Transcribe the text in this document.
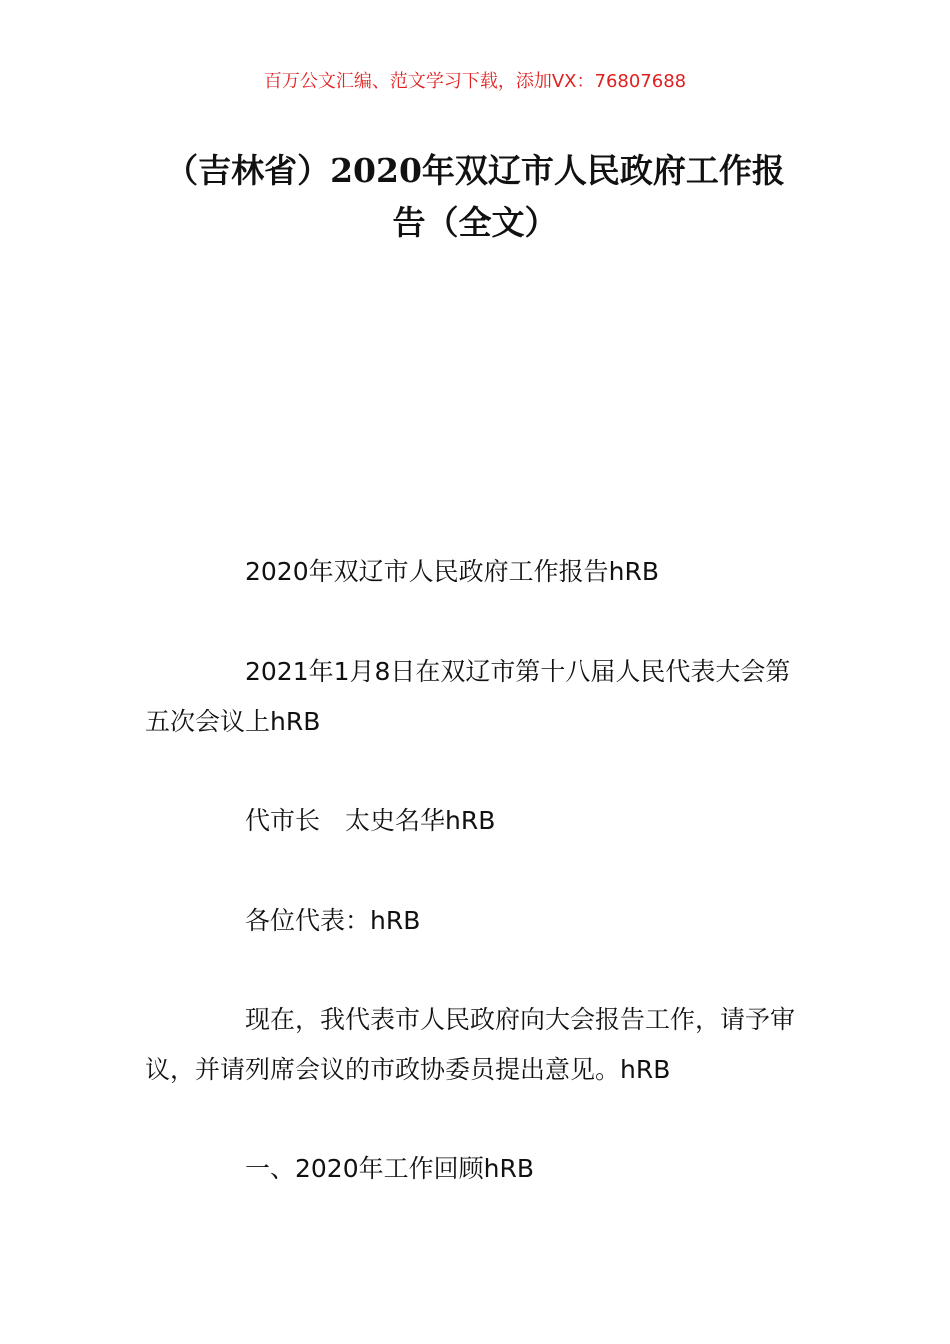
百万公文汇编、范文学习下载，添加VX：76807688
（吉林省）2020年双辽市人民政府工作报
告（全文）

2020年双辽市人民政府工作报告hRB

2021年1月8日在双辽市第十八届人民代表大会第五次会议上hRB

代市长　太史名华hRB

各位代表：hRB

现在，我代表市人民政府向大会报告工作，请予审议，并请列席会议的市政协委员提出意见。hRB

一、2020年工作回顾hRB
